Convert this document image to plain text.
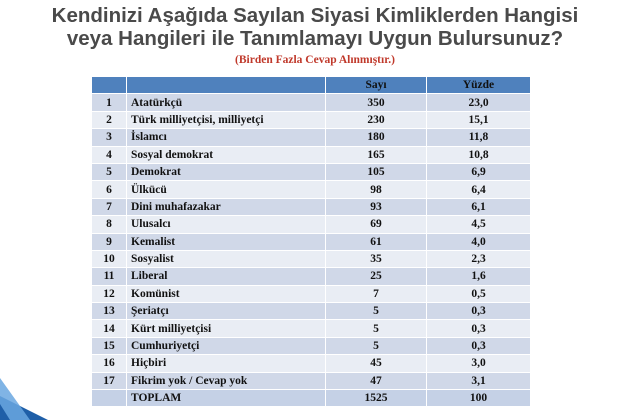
Kendinizi Aşağıda Sayılan Siyasi Kimliklerden Hangisi
veya Hangileri ile Tanımlamayı Uygun Bulursunuz?
(Birden Fazla Cevap Alınmıştır.)
		Sayı	Yüzde
1	Atatürkçü	350	23,0
2	Türk milliyetçisi, milliyetçi	230	15,1
3	İslamcı	180	11,8
4	Sosyal demokrat	165	10,8
5	Demokrat	105	6,9
6	Ülkücü	98	6,4
7	Dini muhafazakar	93	6,1
8	Ulusalcı	69	4,5
9	Kemalist	61	4,0
10	Sosyalist	35	2,3
11	Liberal	25	1,6
12	Komünist	7	0,5
13	Şeriatçı	5	0,3
14	Kürt milliyetçisi	5	0,3
15	Cumhuriyetçi	5	0,3
16	Hiçbiri	45	3,0
17	Fikrim yok / Cevap yok	47	3,1
	TOPLAM	1525	100
